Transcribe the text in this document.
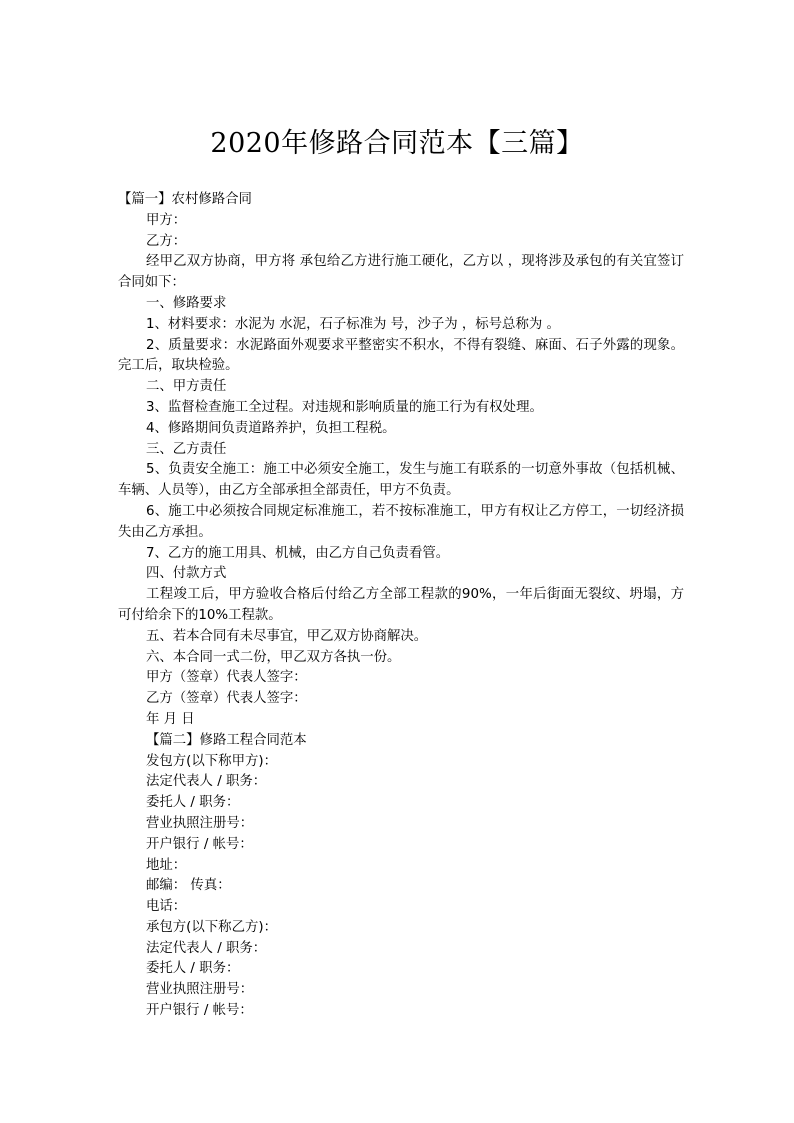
2020年修路合同范本【三篇】
【篇一】农村修路合同
甲方：
乙方：
经甲乙双方协商，甲方将 承包给乙方进行施工硬化，乙方以 ，现将涉及承包的有关宜签订合同如下：
一、修路要求
1、材料要求：水泥为 水泥，石子标准为 号，沙子为 ，标号总称为 。
2、质量要求：水泥路面外观要求平整密实不积水，不得有裂缝、麻面、石子外露的现象。完工后，取块检验。
二、甲方责任
3、监督检查施工全过程。对违规和影响质量的施工行为有权处理。
4、修路期间负责道路养护，负担工程税。
三、乙方责任
5、负责安全施工：施工中必须安全施工，发生与施工有联系的一切意外事故（包括机械、车辆、人员等），由乙方全部承担全部责任，甲方不负责。
6、施工中必须按合同规定标准施工，若不按标准施工，甲方有权让乙方停工，一切经济损失由乙方承担。
7、乙方的施工用具、机械，由乙方自己负责看管。
四、付款方式
工程竣工后，甲方验收合格后付给乙方全部工程款的90%，一年后街面无裂纹、坍塌，方可付给余下的10%工程款。
五、若本合同有未尽事宜，甲乙双方协商解决。
六、本合同一式二份，甲乙双方各执一份。
甲方（签章）代表人签字：
乙方（签章）代表人签字：
年 月 日
【篇二】修路工程合同范本
发包方(以下称甲方)：
法定代表人 / 职务：
委托人 / 职务：
营业执照注册号：
开户银行 / 帐号：
地址：
邮编： 传真：
电话：
承包方(以下称乙方)：
法定代表人 / 职务：
委托人 / 职务：
营业执照注册号：
开户银行 / 帐号：
